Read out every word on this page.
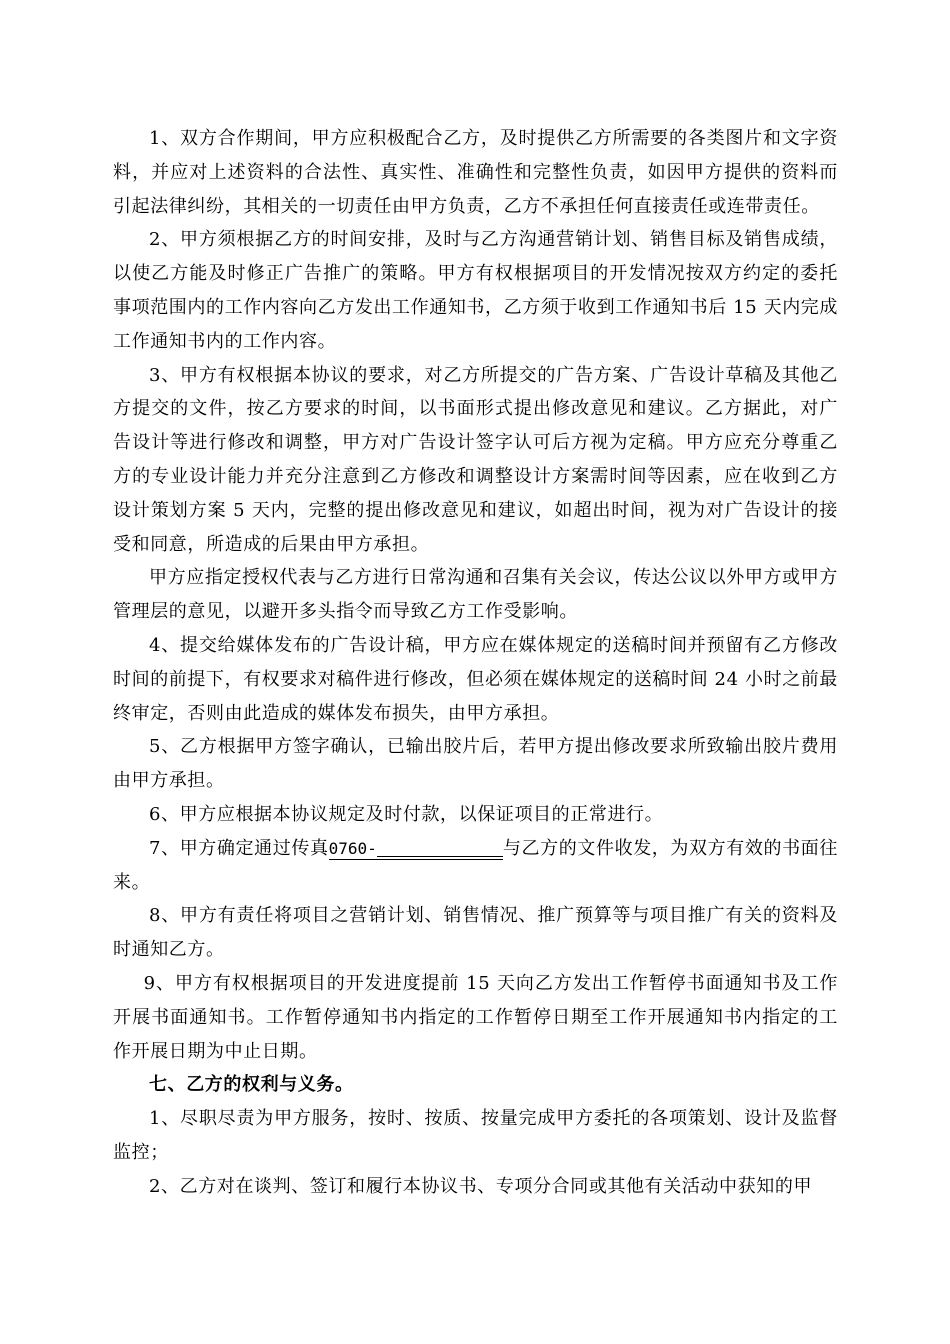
1、双方合作期间，甲方应积极配合乙方，及时提供乙方所需要的各类图片和文字资料，并应对上述资料的合法性、真实性、准确性和完整性负责，如因甲方提供的资料而引起法律纠纷，其相关的一切责任由甲方负责，乙方不承担任何直接责任或连带责任。

2、甲方须根据乙方的时间安排，及时与乙方沟通营销计划、销售目标及销售成绩，以使乙方能及时修正广告推广的策略。甲方有权根据项目的开发情况按双方约定的委托事项范围内的工作内容向乙方发出工作通知书，乙方须于收到工作通知书后 15 天内完成工作通知书内的工作内容。

3、甲方有权根据本协议的要求，对乙方所提交的广告方案、广告设计草稿及其他乙方提交的文件，按乙方要求的时间，以书面形式提出修改意见和建议。乙方据此，对广告设计等进行修改和调整，甲方对广告设计签字认可后方视为定稿。甲方应充分尊重乙方的专业设计能力并充分注意到乙方修改和调整设计方案需时间等因素，应在收到乙方设计策划方案 5 天内，完整的提出修改意见和建议，如超出时间，视为对广告设计的接受和同意，所造成的后果由甲方承担。

甲方应指定授权代表与乙方进行日常沟通和召集有关会议，传达公议以外甲方或甲方管理层的意见，以避开多头指令而导致乙方工作受影响。

4、提交给媒体发布的广告设计稿，甲方应在媒体规定的送稿时间并预留有乙方修改时间的前提下，有权要求对稿件进行修改，但必须在媒体规定的送稿时间 24 小时之前最终审定，否则由此造成的媒体发布损失，由甲方承担。

5、乙方根据甲方签字确认，已输出胶片后，若甲方提出修改要求所致输出胶片费用由甲方承担。

6、甲方应根据本协议规定及时付款，以保证项目的正常进行。

7、甲方确定通过传真0760-	与乙方的文件收发，为双方有效的书面往来。

8、甲方有责任将项目之营销计划、销售情况、推广预算等与项目推广有关的资料及时通知乙方。

9、甲方有权根据项目的开发进度提前 15 天向乙方发出工作暂停书面通知书及工作开展书面通知书。工作暂停通知书内指定的工作暂停日期至工作开展通知书内指定的工作开展日期为中止日期。

七、乙方的权利与义务。

1、尽职尽责为甲方服务，按时、按质、按量完成甲方委托的各项策划、设计及监督监控；

2、乙方对在谈判、签订和履行本协议书、专项分合同或其他有关活动中获知的甲
